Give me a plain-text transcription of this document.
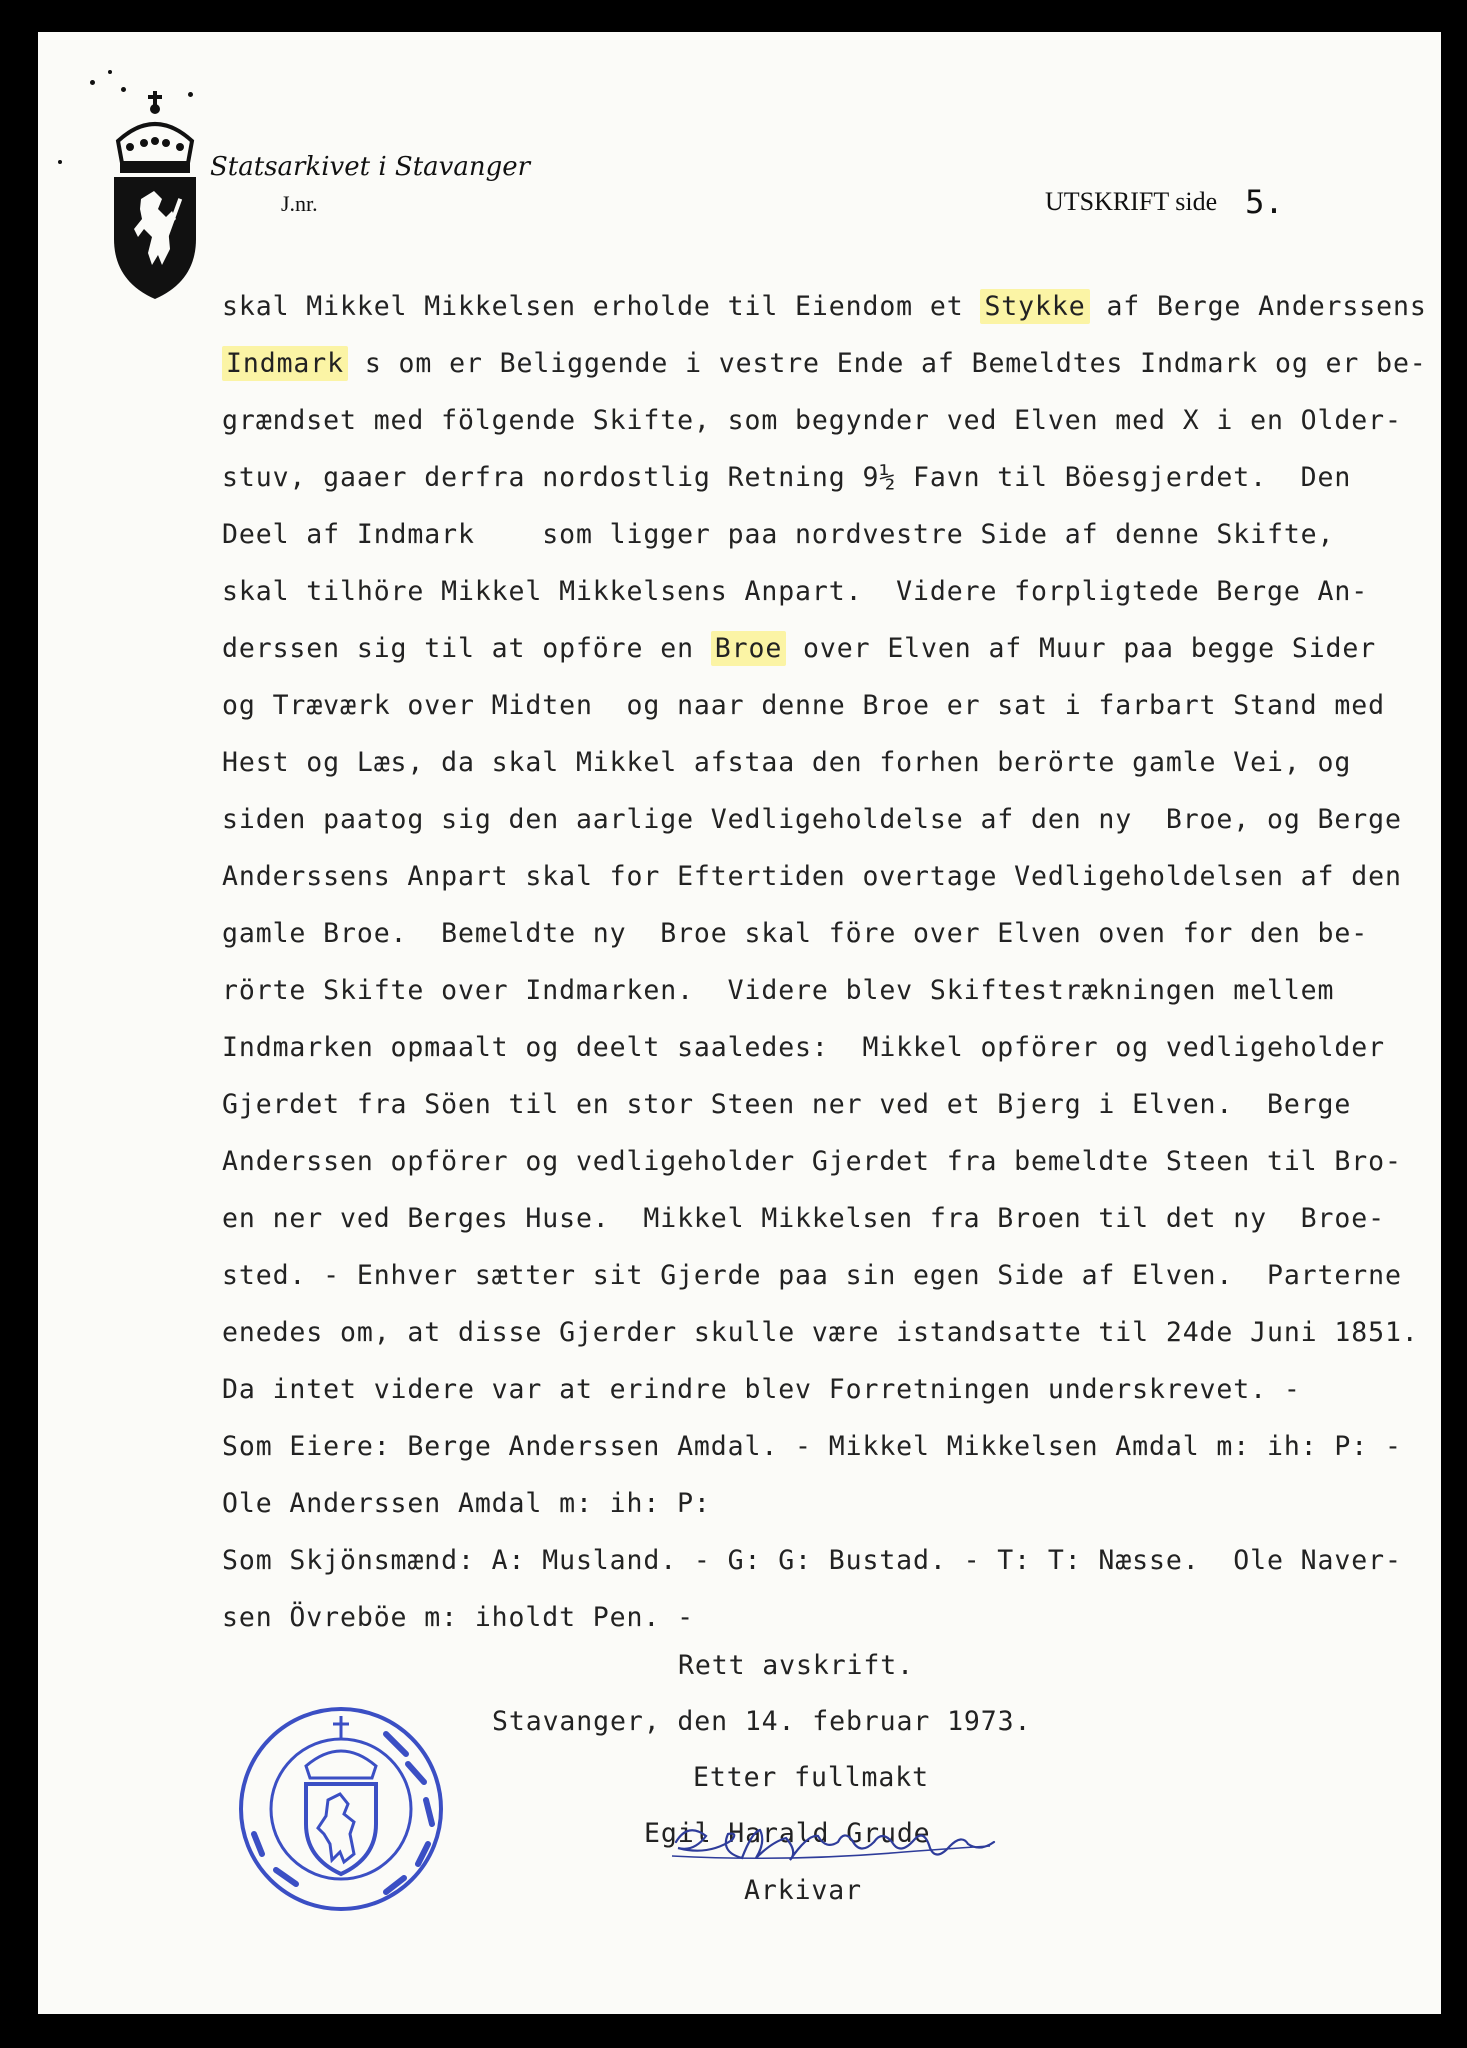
Statsarkivet i Stavanger
J.nr.	UTSKRIFT side 5.
skal Mikkel Mikkelsen erholde til Eiendom et Stykke af Berge Anderssens
Indmark s om er Beliggende i vestre Ende af Bemeldtes Indmark og er be-
grændset med fölgende Skifte, som begynder ved Elven med X i en Older-
stuv, gaaer derfra nordostlig Retning 9½ Favn til Böesgjerdet.  Den
Deel af Indmark    som ligger paa nordvestre Side af denne Skifte,
skal tilhöre Mikkel Mikkelsens Anpart.  Videre forpligtede Berge An-
derssen sig til at opföre en Broe over Elven af Muur paa begge Sider
og Træværk over Midten  og naar denne Broe er sat i farbart Stand med
Hest og Læs, da skal Mikkel afstaa den forhen berörte gamle Vei, og
siden paatog sig den aarlige Vedligeholdelse af den ny  Broe, og Berge
Anderssens Anpart skal for Eftertiden overtage Vedligeholdelsen af den
gamle Broe.  Bemeldte ny  Broe skal före over Elven oven for den be-
rörte Skifte over Indmarken.  Videre blev Skiftestrækningen mellem
Indmarken opmaalt og deelt saaledes:  Mikkel opförer og vedligeholder
Gjerdet fra Söen til en stor Steen ner ved et Bjerg i Elven.  Berge
Anderssen opförer og vedligeholder Gjerdet fra bemeldte Steen til Bro-
en ner ved Berges Huse.  Mikkel Mikkelsen fra Broen til det ny  Broe-
sted. - Enhver sætter sit Gjerde paa sin egen Side af Elven.  Parterne
enedes om, at disse Gjerder skulle være istandsatte til 24de Juni 1851.
Da intet videre var at erindre blev Forretningen underskrevet. -
Som Eiere: Berge Anderssen Amdal. - Mikkel Mikkelsen Amdal m: ih: P: -
Ole Anderssen Amdal m: ih: P:
Som Skjönsmænd: A: Musland. - G: G: Bustad. - T: T: Næsse.  Ole Naver-
sen Övreböe m: iholdt Pen. -
Rett avskrift.
Stavanger, den 14. februar 1973.
Etter fullmakt
Egil Harald Grude
Arkivar
